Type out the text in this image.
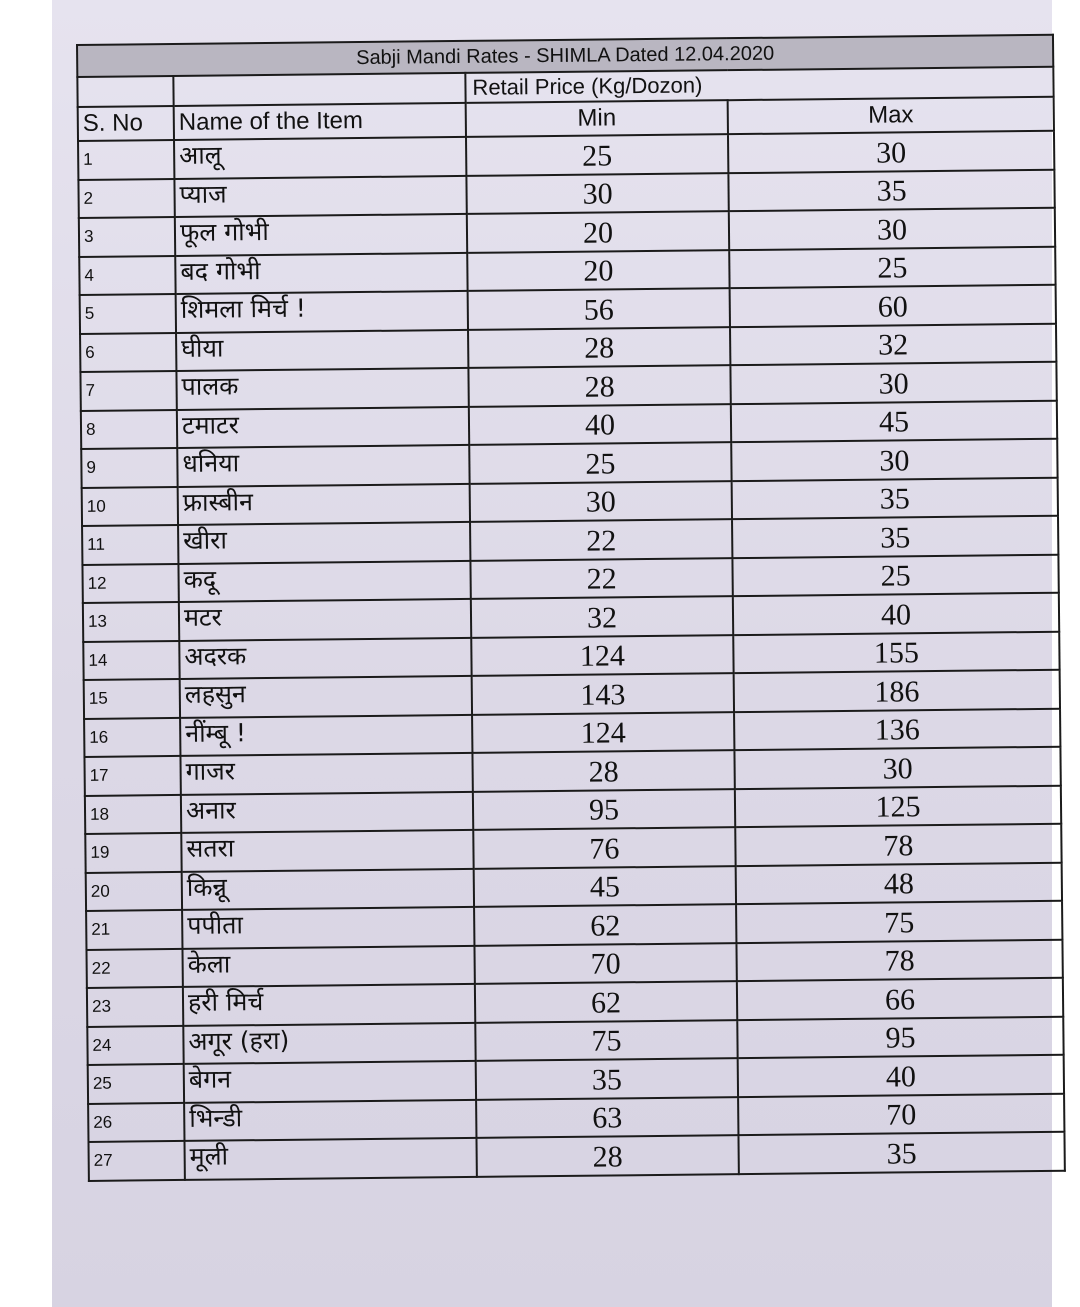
Sabji Mandi Rates - SHIMLA Dated 12.04.2020			
		Retail Price (Kg/Dozon)	
S. No	Name of the Item	Min	Max
1	आलू	25	30
2	प्याज	30	35
3	फूल गोभी	20	30
4	बद गोभी	20	25
5	शिमला मिर्च !	56	60
6	घीया	28	32
7	पालक	28	30
8	टमाटर	40	45
9	धनिया	25	30
10	फ्रास्बीन	30	35
11	खीरा	22	35
12	कदू	22	25
13	मटर	32	40
14	अदरक	124	155
15	लहसुन	143	186
16	नींम्बू !	124	136
17	गाजर	28	30
18	अनार	95	125
19	सतरा	76	78
20	किन्नू	45	48
21	पपीता	62	75
22	केला	70	78
23	हरी मिर्च	62	66
24	अगूर (हरा)	75	95
25	बेगन	35	40
26	भिन्डी	63	70
27	मूली	28	35
